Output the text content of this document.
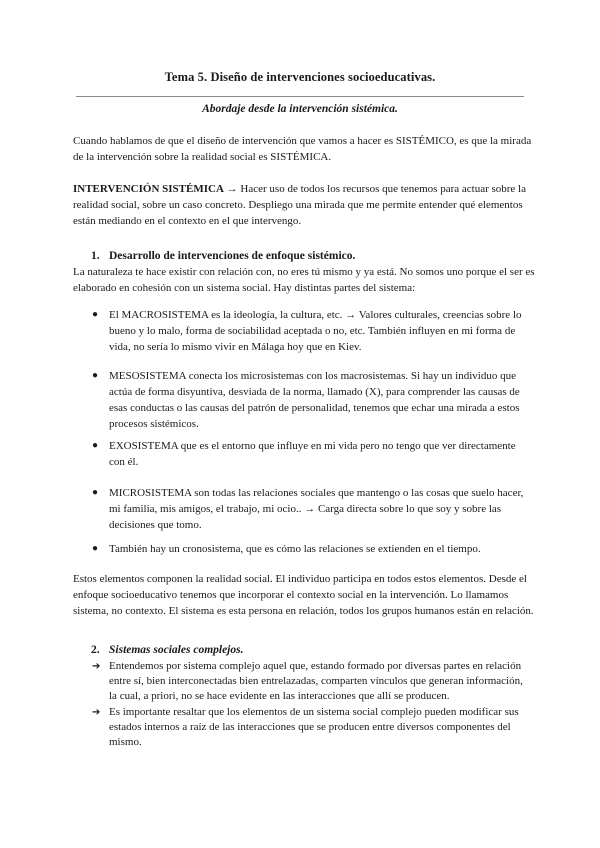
Tema 5. Diseño de intervenciones socioeducativas.
Abordaje desde la intervención sistémica.
Cuando hablamos de que el diseño de intervención que vamos a hacer es SISTÉMICO, es que la mirada de la intervención sobre la realidad social es SISTÉMICA.
INTERVENCIÓN SISTÉMICA → Hacer uso de todos los recursos que tenemos para actuar sobre la realidad social, sobre un caso concreto. Despliego una mirada que me permite entender qué elementos están mediando en el contexto en el que intervengo.
1. Desarrollo de intervenciones de enfoque sistémico.
La naturaleza te hace existir con relación con, no eres tú mismo y ya está. No somos uno porque el ser es elaborado en cohesión con un sistema social. Hay distintas partes del sistema:
● El MACROSISTEMA es la ideología, la cultura, etc. → Valores culturales, creencias sobre lo bueno y lo malo, forma de sociabilidad aceptada o no, etc. También influyen en mi forma de vida, no sería lo mismo vivir en Málaga hoy que en Kiev.
● MESOSISTEMA conecta los microsistemas con los macrosistemas. Si hay un individuo que actúa de forma disyuntiva, desviada de la norma, llamado (X), para comprender las causas de esas conductas o las causas del patrón de personalidad, tenemos que echar una mirada a estos procesos sistémicos.
● EXOSISTEMA que es el entorno que influye en mi vida pero no tengo que ver directamente con él.
● MICROSISTEMA son todas las relaciones sociales que mantengo o las cosas que suelo hacer, mi familia, mis amigos, el trabajo, mi ocio.. → Carga directa sobre lo que soy y sobre las decisiones que tomo.
● También hay un cronosistema, que es cómo las relaciones se extienden en el tiempo.
Estos elementos componen la realidad social. El individuo participa en todos estos elementos. Desde el enfoque socioeducativo tenemos que incorporar el contexto social en la intervención. Lo llamamos sistema, no contexto. El sistema es esta persona en relación, todos los grupos humanos están en relación.
2. Sistemas sociales complejos.
➔ Entendemos por sistema complejo aquel que, estando formado por diversas partes en relación entre sí, bien interconectadas bien entrelazadas, comparten vínculos que generan información, la cual, a priori, no se hace evidente en las interacciones que allí se producen.
➔ Es importante resaltar que los elementos de un sistema social complejo pueden modificar sus estados internos a raíz de las interacciones que se producen entre diversos componentes del mismo.
